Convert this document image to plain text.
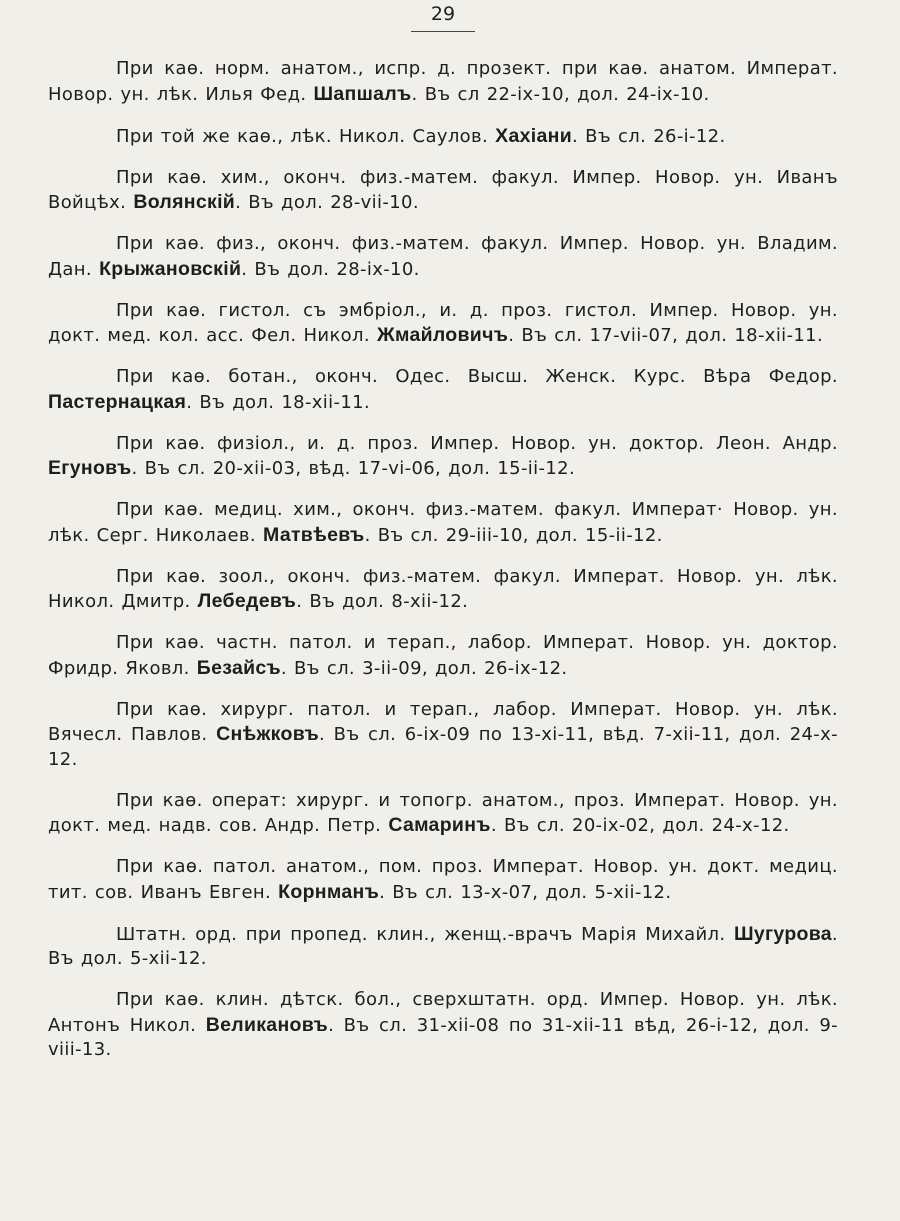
29

При каѳ. норм. анатом., испр. д. прозект. при каѳ. анатом. Императ. Новор. ун. лѣк. Илья Фед. Шапшалъ. Въ сл 22-ix-10, дол. 24-ix-10.

При той же каѳ., лѣк. Никол. Саулов. Хахіани. Въ сл. 26-i-12.

При каѳ. хим., оконч. физ.-матем. факул. Импер. Новор. ун. Иванъ Войцѣх. Волянскій. Въ дол. 28-vii-10.

При каѳ. физ., оконч. физ.-матем. факул. Импер. Новор. ун. Владим. Дан. Крыжановскій. Въ дол. 28-ix-10.

При каѳ. гистол. съ эмбріол., и. д. проз. гистол. Импер. Новор. ун. докт. мед. кол. асс. Фел. Никол. Жмайловичъ. Въ сл. 17-vii-07, дол. 18-xii-11.

При каѳ. ботан., оконч. Одес. Высш. Женск. Курс. Вѣра Федор. Пастернацкая. Въ дол. 18-xii-11.

При каѳ. физіол., и. д. проз. Импер. Новор. ун. доктор. Леон. Андр. Егуновъ. Въ сл. 20-xii-03, вѣд. 17-vi-06, дол. 15-ii-12.

При каѳ. медиц. хим., оконч. физ.-матем. факул. Императ· Новор. ун. лѣк. Серг. Николаев. Матвѣевъ. Въ сл. 29-iii-10, дол. 15-ii-12.

При каѳ. зоол., оконч. физ.-матем. факул. Императ. Новор. ун. лѣк. Никол. Дмитр. Лебедевъ. Въ дол. 8-xii-12.

При каѳ. частн. патол. и терап., лабор. Императ. Новор. ун. доктор. Фридр. Яковл. Безайсъ. Въ сл. 3-ii-09, дол. 26-ix-12.

При каѳ. хирург. патол. и терап., лабор. Императ. Новор. ун. лѣк. Вячесл. Павлов. Снѣжковъ. Въ сл. 6-ix-09 по 13-xi-11, вѣд. 7-xii-11, дол. 24-x-12.

При каѳ. операт: хирург. и топогр. анатом., проз. Императ. Новор. ун. докт. мед. надв. сов. Андр. Петр. Самаринъ. Въ сл. 20-ix-02, дол. 24-x-12.

При каѳ. патол. анатом., пом. проз. Императ. Новор. ун. докт. медиц. тит. сов. Иванъ Евген. Корнманъ. Въ сл. 13-x-07, дол. 5-xii-12.

Штатн. орд. при пропед. клин., женщ.-врачъ Марія Михайл. Шугурова. Въ дол. 5-xii-12.

При каѳ. клин. дѣтск. бол., сверхштатн. орд. Импер. Новор. ун. лѣк. Антонъ Никол. Великановъ. Въ сл. 31-xii-08 по 31-xii-11 вѣд, 26-i-12, дол. 9-viii-13.
